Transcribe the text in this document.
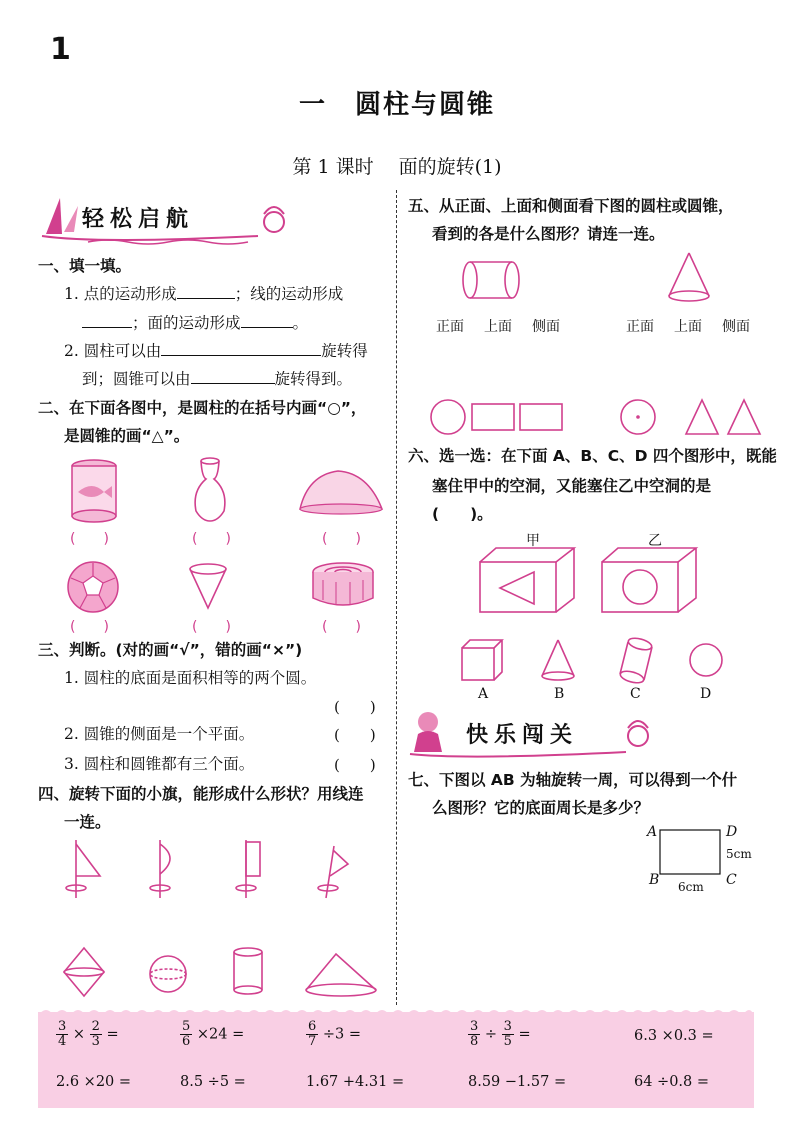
1
一　圆柱与圆锥
第 1 课时　 面的旋转(1)
轻松启航
一、填一填。
1. 点的运动形成	；线的运动形成
；面的运动形成	。
2. 圆柱可以由	旋转得
到；圆锥可以由	旋转得到。
二、在下面各图中，是圆柱的在括号内画“○”，
是圆锥的画“△”。
(　　)	(　　)	(　　)
(　　)	(　　)	(　　)
三、判断。(对的画“√”，错的画“×”)
1. 圆柱的底面是面积相等的两个圆。
(　　)
2. 圆锥的侧面是一个平面。	(　　)
3. 圆柱和圆锥都有三个面。	(　　)
四、旋转下面的小旗，能形成什么形状？用线连
一连。
五、从正面、上面和侧面看下图的圆柱或圆锥，
看到的各是什么图形？请连一连。
正面 上面 侧面	正面 上面 侧面
六、选一选：在下面 A、B、C、D 四个图形中，既能
塞住甲中的空洞，又能塞住乙中空洞的是
(　　)。
甲	乙
A	B	C	D
快乐闯关
七、下图以 AB 为轴旋转一周，可以得到一个什
么图形？它的底面周长是多少？
A	D
B	C
5cm
6cm
$\frac{3}{4} \times \frac{2}{3}$ =	$\frac{5}{6} \times 24$ =	$\frac{6}{7} \div 3$ =	$\frac{3}{8} \div \frac{3}{5}$ =	6.3 ×0.3 =
2.6 ×20 =	8.5 ÷5 =	1.67 +4.31 =	8.59 −1.57 =	64 ÷0.8 =
